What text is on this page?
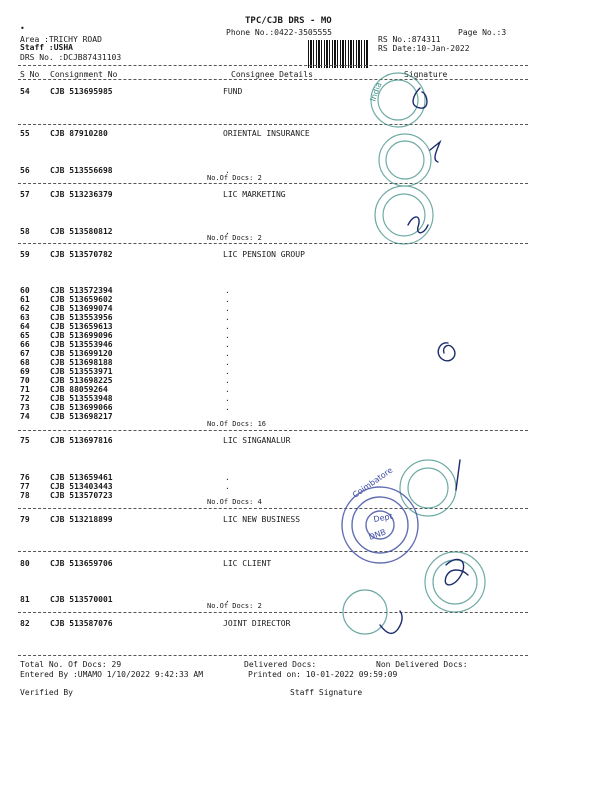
TPC/CJB DRS - MO
•	Phone No.:0422-3505555	Page No.:3
Area :TRICHY ROAD
Staff :USHA
DRS No. :DCJB87431103
RS No.:874311
RS Date:10-Jan-2022
S No Consignment No	Consignee Details	Signature
54	CJB 513695985	FUND
55	CJB 87910280	ORIENTAL INSURANCE
56	CJB 513556698	.
No.Of Docs: 2
57	CJB 513236379	LIC MARKETING
58	CJB 513580812	.
No.Of Docs: 2
59	CJB 513570782	LIC PENSION GROUP
60	CJB 513572394	.
61	CJB 513659602	.
62	CJB 513699074	.
63	CJB 513553956	.
64	CJB 513659613	.
65	CJB 513699096	.
66	CJB 513553946	.
67	CJB 513699120	.
68	CJB 513698188	.
69	CJB 513553971	.
70	CJB 513698225	.
71	CJB 88059264	.
72	CJB 513553948	.
73	CJB 513699066	.
74	CJB 513698217
No.Of Docs: 16
75	CJB 513697816	LIC SINGANALUR
76	CJB 513659461	.
77	CJB 513403443	.
78	CJB 513570723
No.Of Docs: 4
79	CJB 513218899	LIC NEW BUSINESS
80	CJB 513659706	LIC CLIENT
81	CJB 513570001	.
No.Of Docs: 2
82	CJB 513587076	JOINT DIRECTOR
Total No. Of Docs: 29	Delivered Docs:	Non Delivered Docs:
Entered By :UMAMO 1/10/2022 9:42:33 AM	Printed on: 10-01-2022 09:59:09
Verified By	Staff Signature
India
DNB
Dept
Coimbatore
